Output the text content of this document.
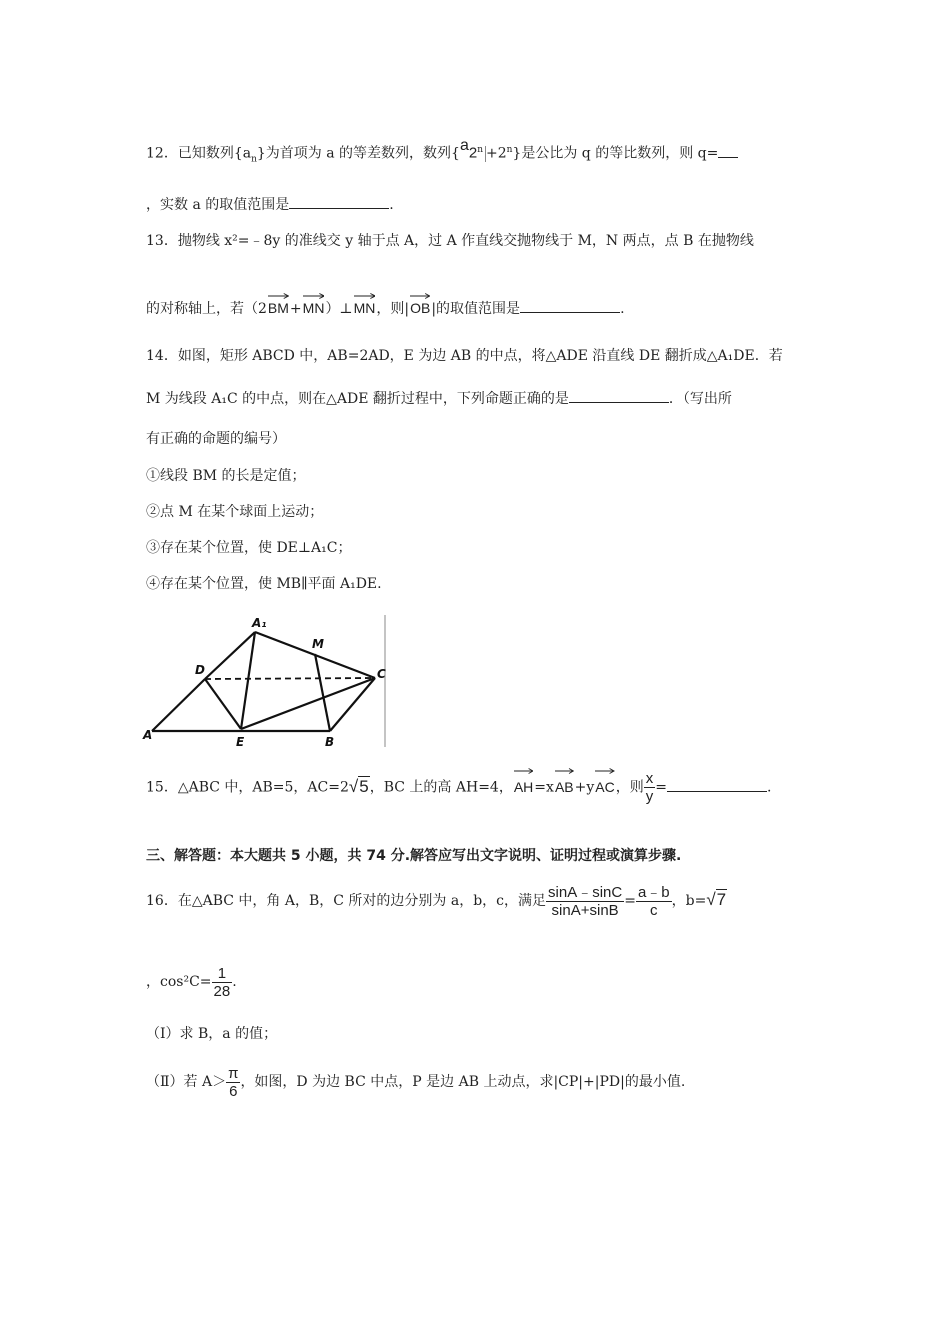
12．已知数列$\{a_n\}$为首项为 a 的等差数列，数列$\{a2^n +2^n\}$是公比为 q 的等比数列，则 q=
，实数 a 的取值范围是	.
13．抛物线 x²=﹣8y 的准线交 y 轴于点 A，过 A 作直线交抛物线于 M，N 两点，点 B 在抛物线
的对称轴上，若（2
BM+
MN）⊥
MN，则|
OB|的取值范围是	.
14．如图，矩形 ABCD 中，AB=2AD，E 为边 AB 的中点，将△ADE 沿直线 DE 翻折成△A₁DE．若
M 为线段 A₁C 的中点，则在△ADE 翻折过程中，下列命题正确的是	．（写出所
有正确的命题的编号）
①线段 BM 的长是定值；
②点 M 在某个球面上运动；
③存在某个位置，使 DE⊥A₁C；
④存在某个位置，使 MB∥平面 A₁DE.
A₁
M
D	C
A	E	B
15．△ABC 中，AB=5，AC=2√5，BC 上的高 AH=4，
AH=x
AB+y
AC，则 $\frac{x}{y}$ =	.
三、解答题：本大题共 5 小题，共 74 分.解答应写出文字说明、证明过程或演算步骤.
16．在△ABC 中，角 A，B，C 所对的边分别为 a，b，c，满足 $\frac{\sin A﹣\sin C}{\sin A+\sin B} = \frac{a﹣b}{c}$ ，b=√7
，$\cos^2C= \frac{1}{28}$ .
（Ⅰ）求 B，a 的值；
（Ⅱ）若 $A> \frac{\pi}{6}$ ，如图，D 为边 BC 中点，P 是边 AB 上动点，求|CP|+|PD|的最小值.
